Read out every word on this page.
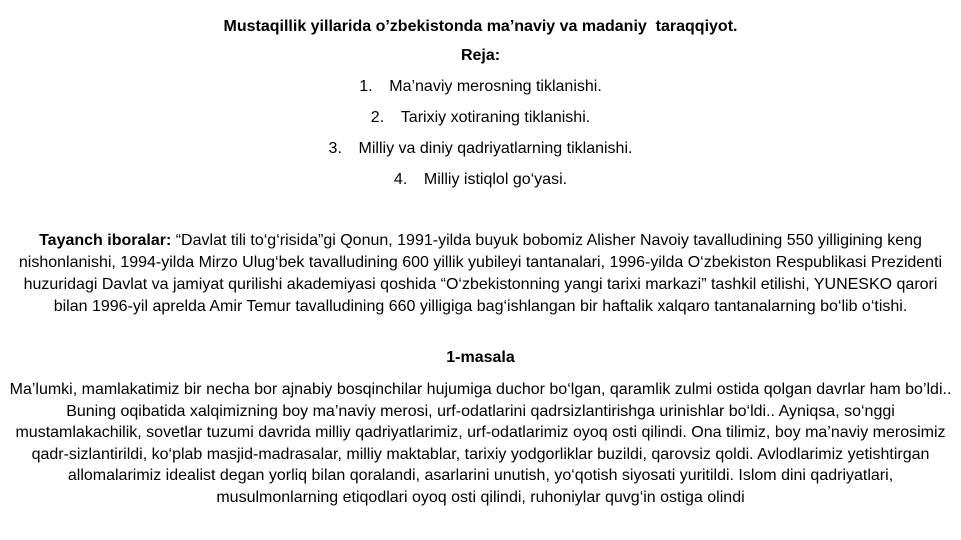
Mustaqillik yillarida o’zbekistonda ma’naviy va madaniy  taraqqiyot.
Reja:
1. Ma’naviy merosning tiklanishi.
2. Tarixiy xotiraning tiklanishi.
3. Milliy va diniy qadriyatlarning tiklanishi.
4. Milliy istiqlol go‘yasi.
Tayanch iboralar: “Davlat tili to‘g‘risida”gi Qonun, 1991-yilda buyuk bobomiz Alisher Navoiy tavalludining 550 yilligining keng nishonlanishi, 1994-yilda Mirzo Ulug‘bek tavalludining 600 yillik yubileyi tantanalari, 1996-yilda O‘zbekiston Respublikasi Prezidenti huzuridagi Davlat va jamiyat qurilishi akademiyasi qoshida “O‘zbekistonning yangi tarixi markazi” tashkil etilishi, YUNESKO qarori bilan 1996-yil aprelda Amir Temur tavalludining 660 yilligiga bag‘ishlangan bir haftalik xalqaro tantanalarning bo‘lib o‘tishi.
1-masala
Ma’lumki, mamlakatimiz bir necha bor ajnabiy bosqinchilar hujumiga duchor bo‘lgan, qaramlik zulmi ostida qolgan davrlar ham bo’ldi.. Buning oqibatida xalqimizning boy ma’naviy merosi, urf-odatlarini qadrsizlantirishga urinishlar bo‘ldi.. Ayniqsa, so‘nggi mustamlakachilik, sovetlar tuzumi davrida milliy qadriyatlarimiz, urf-odatlarimiz oyoq osti qilindi. Ona tilimiz, boy ma’naviy merosimiz qadr-sizlantirildi, ko‘plab masjid-madrasalar, milliy maktablar, tarixiy yodgorliklar buzildi, qarovsiz qoldi. Avlodlarimiz yetishtirgan allomalarimiz idealist degan yorliq bilan qoralandi, asarlarini unutish, yo‘qotish siyosati yuritildi. Islom dini qadriyatlari, musulmonlarning etiqodlari oyoq osti qilindi, ruhoniylar quvg‘in ostiga olindi
